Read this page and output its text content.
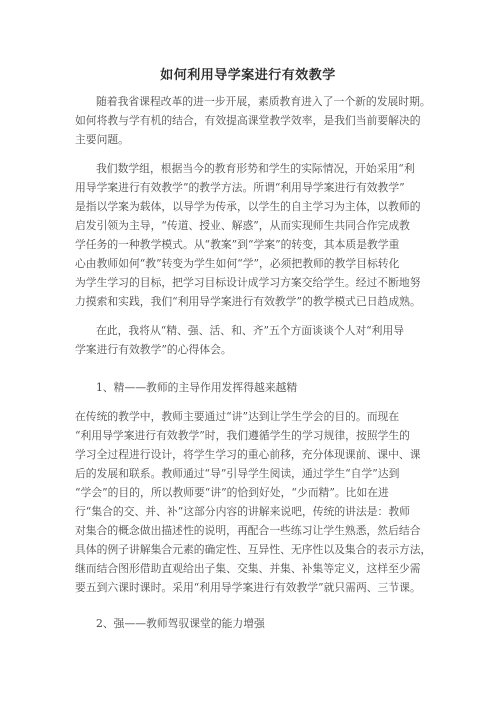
如何利用导学案进行有效教学
随着我省课程改革的进一步开展，素质教育进入了一个新的发展时期。
如何将教与学有机的结合，有效提高课堂教学效率，是我们当前要解决的
主要问题。
我们数学组，根据当今的教育形势和学生的实际情况，开始采用“利
用导学案进行有效教学”的教学方法。所谓“利用导学案进行有效教学”
是指以学案为载体，以导学为传承，以学生的自主学习为主体，以教师的
启发引领为主导，“传道、授业、解惑”，从而实现师生共同合作完成教
学任务的一种教学模式。从“教案”到“学案”的转变，其本质是教学重
心由教师如何“教”转变为学生如何“学”，必须把教师的教学目标转化
为学生学习的目标，把学习目标设计成学习方案交给学生。经过不断地努
力摸索和实践，我们“利用导学案进行有效教学”的教学模式已日趋成熟。
在此，我将从“精、强、活、和、齐”五个方面谈谈个人对“利用导
学案进行有效教学”的心得体会。
1、精——教师的主导作用发挥得越来越精
在传统的教学中，教师主要通过“讲”达到让学生学会的目的。而现在
“利用导学案进行有效教学”时，我们遵循学生的学习规律，按照学生的
学习全过程进行设计，将学生学习的重心前移，充分体现课前、课中、课
后的发展和联系。教师通过“导”引导学生阅读，通过学生“自学”达到
“学会”的目的，所以教师要“讲”的恰到好处，“少而精”。比如在进
行“集合的交、并、补”这部分内容的讲解来说吧，传统的讲法是：教师
对集合的概念做出描述性的说明，再配合一些练习让学生熟悉，然后结合
具体的例子讲解集合元素的确定性、互异性、无序性以及集合的表示方法，
继而结合图形借助直观给出子集、交集、并集、补集等定义，这样至少需
要五到六课时课时。采用“利用导学案进行有效教学”就只需两、三节课。
2、强——教师驾驭课堂的能力增强
